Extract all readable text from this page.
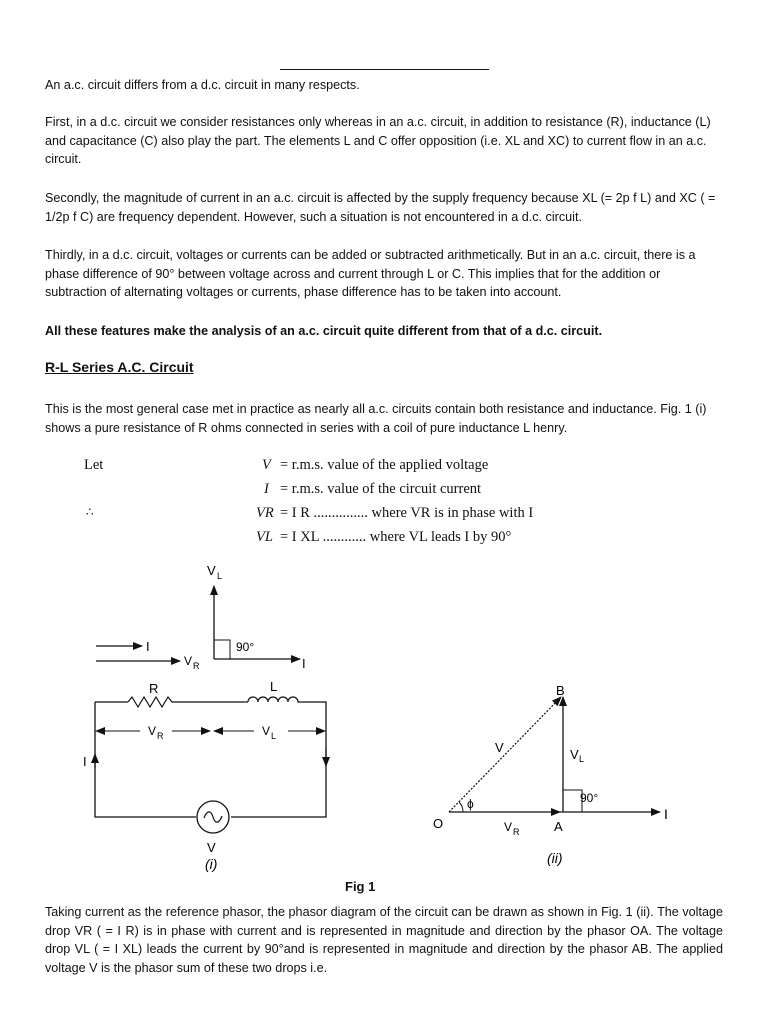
An a.c. circuit differs from a d.c. circuit in many respects.

First, in a d.c. circuit we consider resistances only whereas in an a.c. circuit, in addition to resistance (R), inductance (L) and capacitance (C) also play the part. The elements L and C offer opposition (i.e. XL and XC) to current flow in an a.c. circuit.

Secondly, the magnitude of current in an a.c. circuit is affected by the supply frequency because XL (= 2p f L) and XC ( = 1/2p f C) are frequency dependent. However, such a situation is not encountered in a d.c. circuit.

Thirdly, in a d.c. circuit, voltages or currents can be added or subtracted arithmetically. But in an a.c. circuit, there is a phase difference of 90° between voltage across and current through L or C. This implies that for the addition or subtraction of alternating voltages or currents, phase difference has to be taken into account.

All these features make the analysis of an a.c. circuit quite different from that of a d.c. circuit.

R-L Series A.C. Circuit

This is the most general case met in practice as nearly all a.c. circuits contain both resistance and inductance. Fig. 1 (i) shows a pure resistance of R ohms connected in series with a coil of pure inductance L henry.

Let
∴
V = r.m.s. value of the applied voltage
I = r.m.s. value of the circuit current
VR = I R ............... where VR is in phase with I
VL = I XL ............ where VL leads I by 90°
V L
90°
I
I
V R
R	L
V R	V L
I
V
(i)
B
O	A
V	V L
V R
ϕ	90°
I
(ii)
Fig 1

Taking current as the reference phasor, the phasor diagram of the circuit can be drawn as shown in Fig. 1 (ii). The voltage drop VR ( = I R) is in phase with current and is represented in magnitude and direction by the phasor OA. The voltage drop VL ( = I XL) leads the current by 90°and is represented in magnitude and direction by the phasor AB. The applied voltage V is the phasor sum of these two drops i.e.
